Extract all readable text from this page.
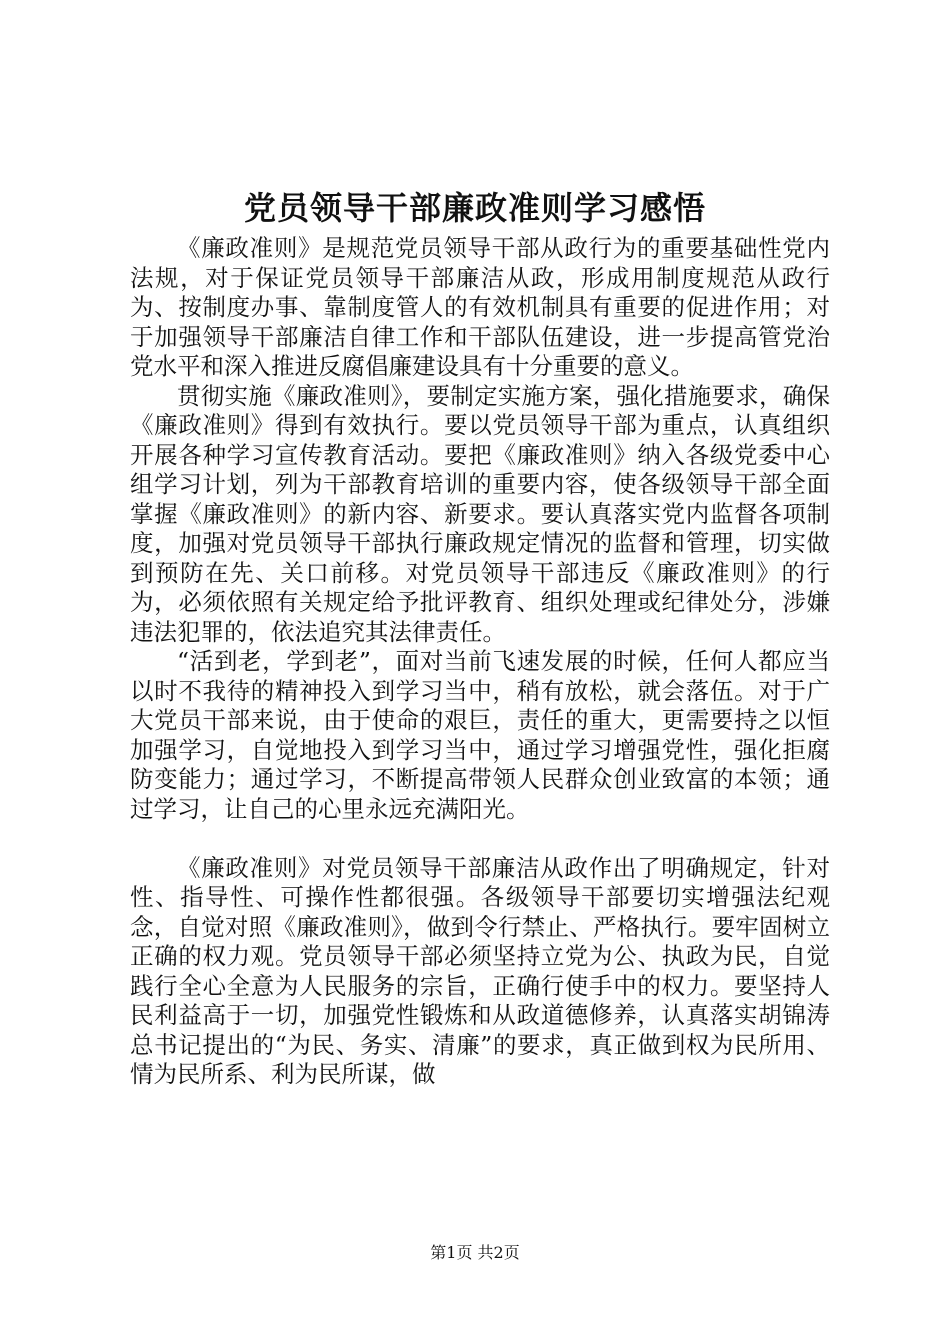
党员领导干部廉政准则学习感悟

《廉政准则》是规范党员领导干部从政行为的重要基础性党内法规，对于保证党员领导干部廉洁从政，形成用制度规范从政行为、按制度办事、靠制度管人的有效机制具有重要的促进作用；对于加强领导干部廉洁自律工作和干部队伍建设，进一步提高管党治党水平和深入推进反腐倡廉建设具有十分重要的意义。

贯彻实施《廉政准则》，要制定实施方案，强化措施要求，确保《廉政准则》得到有效执行。要以党员领导干部为重点，认真组织开展各种学习宣传教育活动。要把《廉政准则》纳入各级党委中心组学习计划，列为干部教育培训的重要内容，使各级领导干部全面掌握《廉政准则》的新内容、新要求。要认真落实党内监督各项制度，加强对党员领导干部执行廉政规定情况的监督和管理，切实做到预防在先、关口前移。对党员领导干部违反《廉政准则》的行为，必须依照有关规定给予批评教育、组织处理或纪律处分，涉嫌违法犯罪的，依法追究其法律责任。

“活到老，学到老”，面对当前飞速发展的时候，任何人都应当以时不我待的精神投入到学习当中，稍有放松，就会落伍。对于广大党员干部来说，由于使命的艰巨，责任的重大，更需要持之以恒加强学习，自觉地投入到学习当中，通过学习增强党性，强化拒腐防变能力；通过学习，不断提高带领人民群众创业致富的本领；通过学习，让自己的心里永远充满阳光。

《廉政准则》对党员领导干部廉洁从政作出了明确规定，针对性、指导性、可操作性都很强。各级领导干部要切实增强法纪观念，自觉对照《廉政准则》，做到令行禁止、严格执行。要牢固树立正确的权力观。党员领导干部必须坚持立党为公、执政为民，自觉践行全心全意为人民服务的宗旨，正确行使手中的权力。要坚持人民利益高于一切，加强党性锻炼和从政道德修养，认真落实胡锦涛总书记提出的“为民、务实、清廉”的要求，真正做到权为民所用、情为民所系、利为民所谋，做

第1页 共2页
